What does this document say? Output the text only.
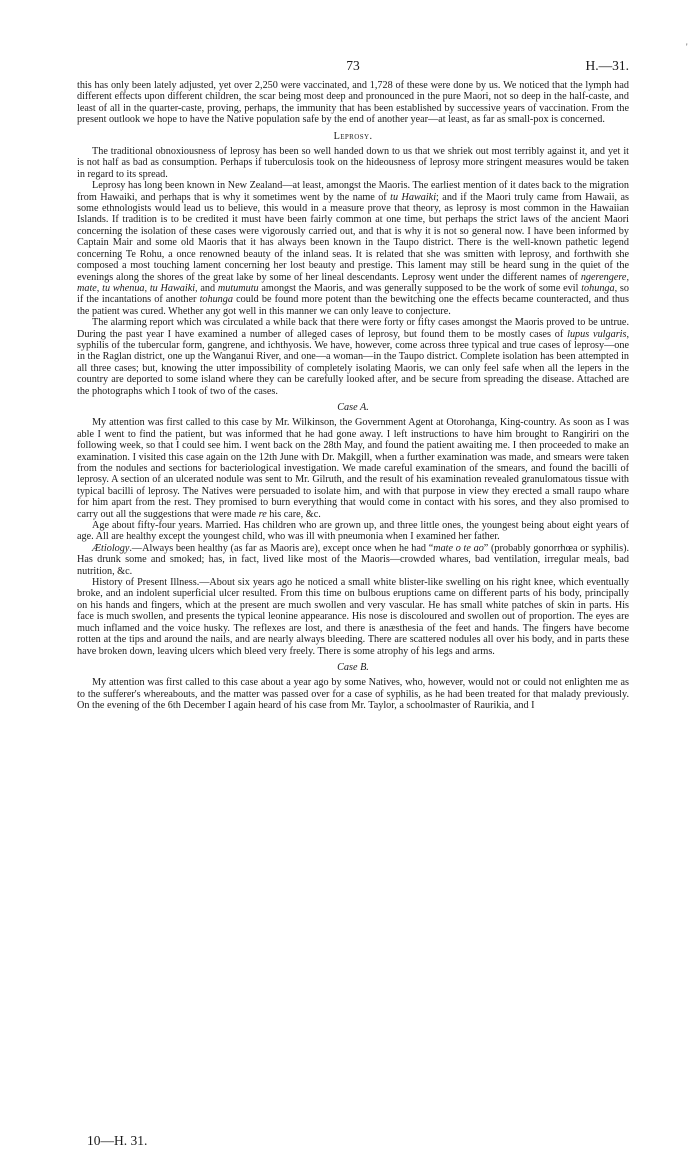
'
73	H.—31.

this has only been lately adjusted, yet over 2,250 were vaccinated, and 1,728 of these were done by us. We noticed that the lymph had different effects upon different children, the scar being most deep and pronounced in the pure Maori, not so deep in the half-caste, and least of all in the quarter-caste, proving, perhaps, the immunity that has been established by successive years of vaccination. From the present outlook we hope to have the Native population safe by the end of another year—at least, as far as small-pox is concerned.

Leprosy.

The traditional obnoxiousness of leprosy has been so well handed down to us that we shriek out most terribly against it, and yet it is not half as bad as consumption. Perhaps if tuberculosis took on the hideousness of leprosy more stringent measures would be taken in regard to its spread.

Leprosy has long been known in New Zealand—at least, amongst the Maoris. The earliest mention of it dates back to the migration from Hawaiki, and perhaps that is why it sometimes went by the name of tu Hawaiki; and if the Maori truly came from Hawaii, as some ethnologists would lead us to believe, this would in a measure prove that theory, as leprosy is most common in the Hawaiian Islands. If tradition is to be credited it must have been fairly common at one time, but perhaps the strict laws of the ancient Maori concerning the isolation of these cases were vigorously carried out, and that is why it is not so general now. I have been informed by Captain Mair and some old Maoris that it has always been known in the Taupo district. There is the well-known pathetic legend concerning Te Rohu, a once renowned beauty of the inland seas. It is related that she was smitten with leprosy, and forthwith she composed a most touching lament concerning her lost beauty and prestige. This lament may still be heard sung in the quiet of the evenings along the shores of the great lake by some of her lineal descendants. Leprosy went under the different names of ngerengere, mate, tu whenua, tu Hawaiki, and mutumutu amongst the Maoris, and was generally supposed to be the work of some evil tohunga, so if the incantations of another tohunga could be found more potent than the bewitching one the effects became counteracted, and thus the patient was cured. Whether any got well in this manner we can only leave to conjecture.

The alarming report which was circulated a while back that there were forty or fifty cases amongst the Maoris proved to be untrue. During the past year I have examined a number of alleged cases of leprosy, but found them to be mostly cases of lupus vulgaris, syphilis of the tubercular form, gangrene, and ichthyosis. We have, however, come across three typical and true cases of leprosy—one in the Raglan district, one up the Wanganui River, and one—a woman—in the Taupo district. Complete isolation has been attempted in all three cases; but, knowing the utter impossibility of completely isolating Maoris, we can only feel safe when all the lepers in the country are deported to some island where they can be carefully looked after, and be secure from spreading the disease. Attached are the photographs which I took of two of the cases.

Case A.

My attention was first called to this case by Mr. Wilkinson, the Government Agent at Otorohanga, King-country. As soon as I was able I went to find the patient, but was informed that he had gone away. I left instructions to have him brought to Rangiriri on the following week, so that I could see him. I went back on the 28th May, and found the patient awaiting me. I then proceeded to make an examination. I visited this case again on the 12th June with Dr. Makgill, when a further examination was made, and smears were taken from the nodules and sections for bacteriological investigation. We made careful examination of the smears, and found the bacilli of leprosy. A section of an ulcerated nodule was sent to Mr. Gilruth, and the result of his examination revealed granulomatous tissue with typical bacilli of leprosy. The Natives were persuaded to isolate him, and with that purpose in view they erected a small raupo whare for him apart from the rest. They promised to burn everything that would come in contact with his sores, and they also promised to carry out all the suggestions that were made re his care, &c.

Age about fifty-four years. Married. Has children who are grown up, and three little ones, the youngest being about eight years of age. All are healthy except the youngest child, who was ill with pneumonia when I examined her father.

Ætiology.—Always been healthy (as far as Maoris are), except once when he had “mate o te ao” (probably gonorrhœa or syphilis). Has drunk some and smoked; has, in fact, lived like most of the Maoris—crowded whares, bad ventilation, irregular meals, bad nutrition, &c.

History of Present Illness.—About six years ago he noticed a small white blister-like swelling on his right knee, which eventually broke, and an indolent superficial ulcer resulted. From this time on bulbous eruptions came on different parts of his body, principally on his hands and fingers, which at the present are much swollen and very vascular. He has small white patches of skin in parts. His face is much swollen, and presents the typical leonine appearance. His nose is discoloured and swollen out of proportion. The eyes are much inflamed and the voice husky. The reflexes are lost, and there is anæsthesia of the feet and hands. The fingers have become rotten at the tips and around the nails, and are nearly always bleeding. There are scattered nodules all over his body, and in parts these have broken down, leaving ulcers which bleed very freely. There is some atrophy of his legs and arms.

Case B.

My attention was first called to this case about a year ago by some Natives, who, however, would not or could not enlighten me as to the sufferer's whereabouts, and the matter was passed over for a case of syphilis, as he had been treated for that malady previously. On the evening of the 6th December I again heard of his case from Mr. Taylor, a schoolmaster of Raurikia, and I

10—H. 31.
